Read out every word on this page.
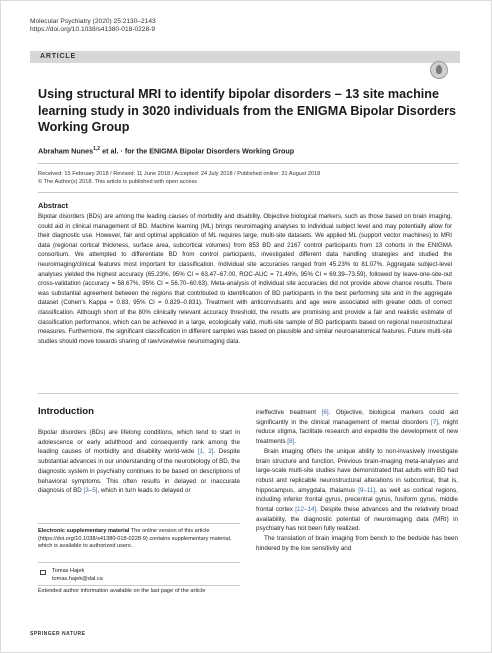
Molecular Psychiatry (2020) 25:2130–2143
https://doi.org/10.1038/s41380-018-0228-9
ARTICLE
Using structural MRI to identify bipolar disorders – 13 site machine learning study in 3020 individuals from the ENIGMA Bipolar Disorders Working Group
Abraham Nunes$^{1,2}$ et al. · for the ENIGMA Bipolar Disorders Working Group
Received: 15 February 2018 / Revised: 11 June 2018 / Accepted: 24 July 2018 / Published online: 31 August 2018
© The Author(s) 2018. This article is published with open access
Abstract
Bipolar disorders (BDs) are among the leading causes of morbidity and disability. Objective biological markers, such as those based on brain imaging, could aid in clinical management of BD. Machine learning (ML) brings neuroimaging analyses to individual subject level and may potentially allow for their diagnostic use. However, fair and optimal application of ML requires large, multi-site datasets. We applied ML (support vector machines) to MRI data (regional cortical thickness, surface area, subcortical volumes) from 853 BD and 2167 control participants from 13 cohorts in the ENIGMA consortium. We attempted to differentiate BD from control participants, investigated different data handling strategies and studied the neuroimaging/clinical features most important for classification. Individual site accuracies ranged from 45.23% to 81.07%. Aggregate subject-level analyses yielded the highest accuracy (65.23%, 95% CI = 63.47–67.00, ROC-AUC = 71.49%, 95% CI = 69.39–73.59), followed by leave-one-site-out cross-validation (accuracy = 58.67%, 95% CI = 56.70–60.63). Meta-analysis of individual site accuracies did not provide above chance results. There was substantial agreement between the regions that contributed to identification of BD participants in the best performing site and in the aggregate dataset (Cohen's Kappa = 0.83, 95% CI = 0.829–0.831). Treatment with anticonvulsants and age were associated with greater odds of correct classification. Although short of the 80% clinically relevant accuracy threshold, the results are promising and provide a fair and realistic estimate of classification performance, which can be achieved in a large, ecologically valid, multi-site sample of BD participants based on regional neurostructural measures. Furthermore, the significant classification in different samples was based on plausible and similar neuroanatomical features. Future multi-site studies should move towards sharing of raw/voxelwise neuroimaging data.
Introduction

Bipolar disorders (BDs) are lifelong conditions, which tend to start in adolescence or early adulthood and consequently rank among the leading causes of morbidity and disability world-wide [1, 2]. Despite substantial advances in our understanding of the neurobiology of BD, the diagnostic system in psychiatry continues to be based on descriptions of behavioral symptoms. This often results in delayed or inaccurate diagnosis of BD [3–5], which in turn leads to delayed or

Electronic supplementary material The online version of this article (https://doi.org/10.1038/s41380-018-0228-9) contains supplementary material, which is available to authorized users.
Tomas Hajek
tomas.hajek@dal.ca
Extended author information available on the last page of the article

ineffective treatment [6]. Objective, biological markers could aid significantly in the clinical management of mental disorders [7], might reduce stigma, facilitate research and expedite the development of new treatments [8].

Brain imaging offers the unique ability to non-invasively investigate brain structure and function. Previous brain-imaging meta-analyses and large-scale multi-site studies have demonstrated that adults with BD had robust and replicable neurostructural alterations in subcortical, that is, hippocampus, amygdala, thalamus [9–11], as well as cortical regions, including inferior frontal gyrus, precentral gyrus, fusiform gyrus, middle frontal cortex [12–14]. Despite these advances and the relatively broad availability, the diagnostic potential of neuroimaging data (MRI) in psychiatry has not been fully realized.

The translation of brain imaging from bench to the bedside has been hindered by the low sensitivity and

SPRINGER NATURE
